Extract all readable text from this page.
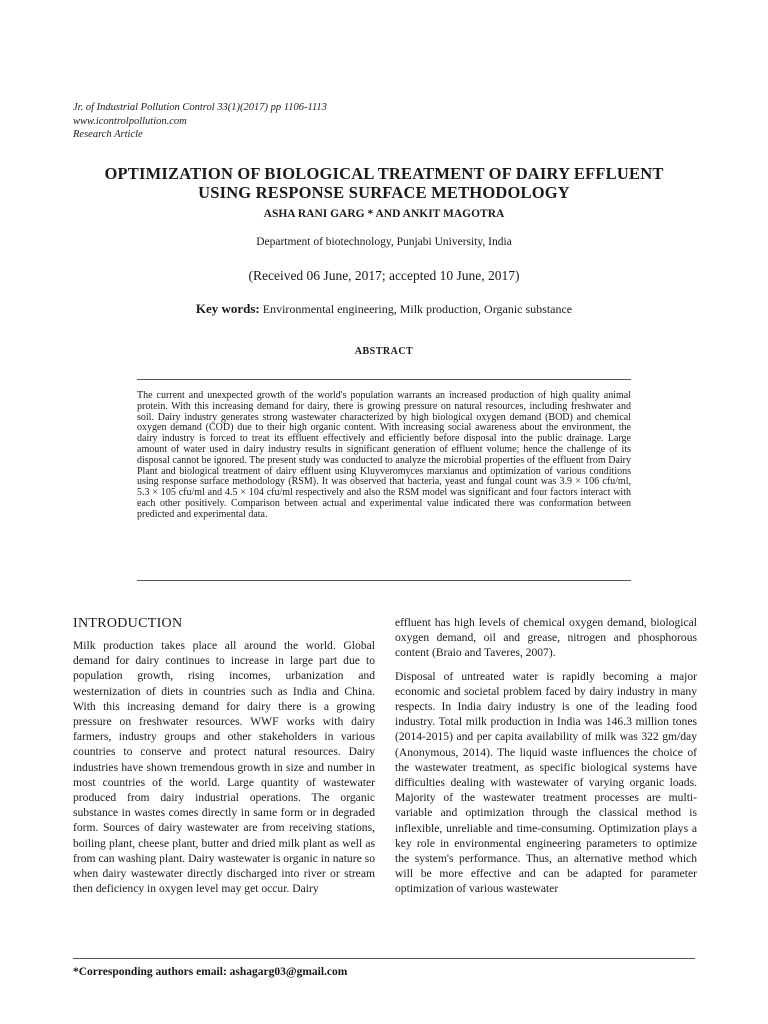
Jr. of Industrial Pollution Control 33(1)(2017) pp 1106-1113
www.icontrolpollution.com
Research Article
OPTIMIZATION OF BIOLOGICAL TREATMENT OF DAIRY EFFLUENT
USING RESPONSE SURFACE METHODOLOGY
ASHA RANI GARG * AND ANKIT MAGOTRA
Department of biotechnology, Punjabi University, India
(Received 06 June, 2017; accepted 10 June, 2017)
Key words: Environmental engineering, Milk production, Organic substance
ABSTRACT
The current and unexpected growth of the world's population warrants an increased production of high quality animal protein. With this increasing demand for dairy, there is growing pressure on natural resources, including freshwater and soil. Dairy industry generates strong wastewater characterized by high biological oxygen demand (BOD) and chemical oxygen demand (COD) due to their high organic content. With increasing social awareness about the environment, the dairy industry is forced to treat its effluent effectively and efficiently before disposal into the public drainage. Large amount of water used in dairy industry results in significant generation of effluent volume; hence the challenge of its disposal cannot be ignored. The present study was conducted to analyze the microbial properties of the effluent from Dairy Plant and biological treatment of dairy effluent using Kluyveromyces marxianus and optimization of various conditions using response surface methodology (RSM). It was observed that bacteria, yeast and fungal count was 3.9 × 106 cfu/ml, 5.3 × 105 cfu/ml and 4.5 × 104 cfu/ml respectively and also the RSM model was significant and four factors interact with each other positively. Comparison between actual and experimental value indicated there was conformation between predicted and experimental data.
INTRODUCTION

Milk production takes place all around the world. Global demand for dairy continues to increase in large part due to population growth, rising incomes, urbanization and westernization of diets in countries such as India and China. With this increasing demand for dairy there is a growing pressure on freshwater resources. WWF works with dairy farmers, industry groups and other stakeholders in various countries to conserve and protect natural resources. Dairy industries have shown tremendous growth in size and number in most countries of the world. Large quantity of wastewater produced from dairy industrial operations. The organic substance in wastes comes directly in same form or in degraded form. Sources of dairy wastewater are from receiving stations, boiling plant, cheese plant, butter and dried milk plant as well as from can washing plant. Dairy wastewater is organic in nature so when dairy wastewater directly discharged into river or stream then deficiency in oxygen level may get occur. Dairy

effluent has high levels of chemical oxygen demand, biological oxygen demand, oil and grease, nitrogen and phosphorous content (Braio and Taveres, 2007).

Disposal of untreated water is rapidly becoming a major economic and societal problem faced by dairy industry in many respects. In India dairy industry is one of the leading food industry. Total milk production in India was 146.3 million tones (2014-2015) and per capita availability of milk was 322 gm/day (Anonymous, 2014). The liquid waste influences the choice of the wastewater treatment, as specific biological systems have difficulties dealing with wastewater of varying organic loads. Majority of the wastewater treatment processes are multi-variable and optimization through the classical method is inflexible, unreliable and time-consuming. Optimization plays a key role in environmental engineering parameters to optimize the system's performance. Thus, an alternative method which will be more effective and can be adapted for parameter optimization of various wastewater

*Corresponding authors email: ashagarg03@gmail.com
